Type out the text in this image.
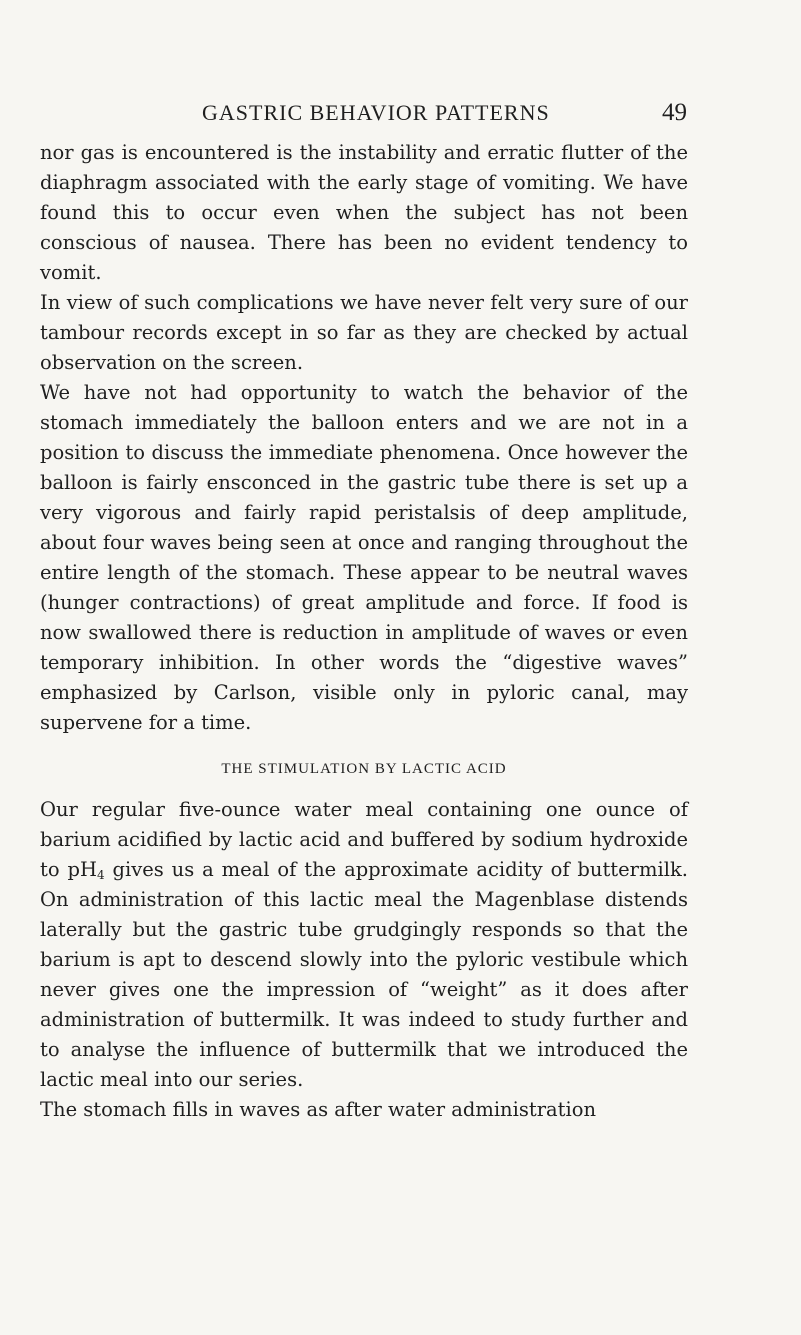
GASTRIC BEHAVIOR PATTERNS	49

nor gas is encountered is the instability and erratic flutter of the diaphragm associated with the early stage of vomiting. We have found this to occur even when the subject has not been conscious of nausea. There has been no evident tendency to vomit.

In view of such complications we have never felt very sure of our tambour records except in so far as they are checked by actual observation on the screen.

We have not had opportunity to watch the behavior of the stomach immediately the balloon enters and we are not in a position to discuss the immediate phenomena. Once however the balloon is fairly ensconced in the gastric tube there is set up a very vigorous and fairly rapid peristalsis of deep amplitude, about four waves being seen at once and ranging throughout the entire length of the stomach. These appear to be neutral waves (hunger contractions) of great amplitude and force. If food is now swallowed there is reduction in amplitude of waves or even temporary inhibition. In other words the “digestive waves” emphasized by Carlson, visible only in pyloric canal, may supervene for a time.

THE STIMULATION BY LACTIC ACID

Our regular five-ounce water meal containing one ounce of barium acidified by lactic acid and buffered by sodium hydroxide to $pH_4$ gives us a meal of the approximate acidity of buttermilk. On administration of this lactic meal the Magenblase distends laterally but the gastric tube grudgingly responds so that the barium is apt to descend slowly into the pyloric vestibule which never gives one the impression of “weight” as it does after administration of buttermilk. It was indeed to study further and to analyse the influence of buttermilk that we introduced the lactic meal into our series.

The stomach fills in waves as after water administration
